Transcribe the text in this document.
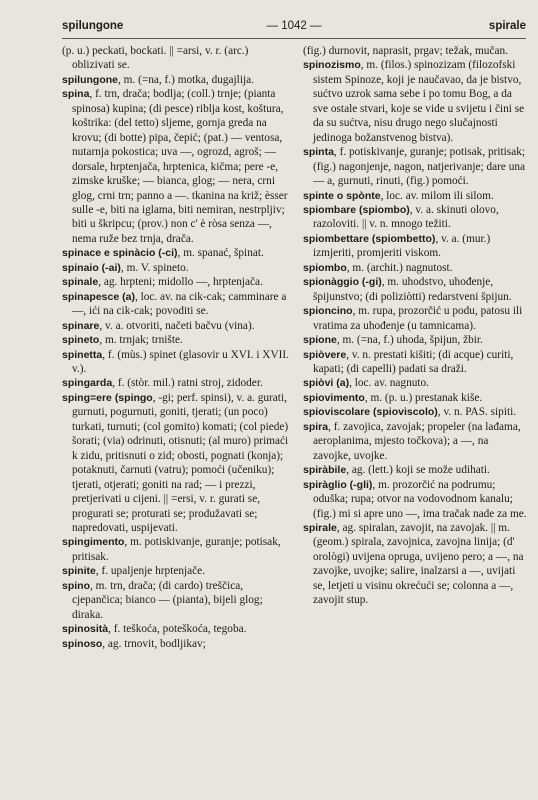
spilungone	— 1042 —	spirale

(p. u.) peckati, bockati. || =arsi, v. r. (arc.) oblizivati se.

spilungone, m. (=na, f.) motka, dugajlija.

spina, f. trn, drača; bodlja; (coll.) trnje; (pianta spinosa) kupina; (di pesce) riblja kost, koštura, koštrika: (del tetto) sljeme, gornja greda na krovu; (di botte) pipa, čepić; (pat.) — ventosa, nutarnja pokostica; uva —, ogrozd, agroš; — dorsale, hrptenjača, hrptenica, kičma; pere -e, zimske kruške; — bianca, glog; — nera, crni glog, crni trn; panno a —. tkanina na križ; èsser sulle -e, biti na iglama, biti nemiran, nestrpljiv; biti u škripcu; (prov.) non c' è ròsa senza —, nema ruže bez trnja, drača.

spinace e spinàcio (-ci), m. spanać, špinat.

spinaio (-ai), m. V. spineto.

spinale, ag. hrpteni; midollo —, hrptenjača.

spinapesce (a), loc. av. na cik-cak; camminare a —, ići na cik-cak; povoditi se.

spinare, v. a. otvoriti, načeti bačvu (vina).

spineto, m. trnjak; trnište.

spinetta, f. (mùs.) spinet (glasovir u XVI. i XVII. v.).

spingarda, f. (stòr. mil.) ratni stroj, zidoder.

sping=ere (spingo, -gi; perf. spinsi), v. a. gurati, gurnuti, pogurnuti, goniti, tjerati; (un poco) turkati, turnuti; (col gomito) komati; (col piede) šorati; (via) odrinuti, otisnuti; (al muro) primaći k zidu, pritisnuti o zid; obosti, pognati (konja); potaknuti, čarnuti (vatru); pomoći (učeniku); tjerati, otjerati; goniti na rad; — i prezzi, pretjerivati u cijeni. || =ersi, v. r. gurati se, progurati se; proturati se; produžavati se; napredovati, uspijevati.

spingimento, m. potiskivanje, guranje; potisak, pritisak.

spinite, f. upaljenje hrptenjače.

spino, m. trn, drača; (di cardo) treščica, cjepančica; bianco — (pianta), bijeli glog; diraka.

spinosità, f. teškoća, poteškoća, tegoba.

spinoso, ag. trnovit, bodljikav;

(fig.) durnovit, naprasit, prgav; težak, mučan.

spinozismo, m. (filos.) spinozizam (filozofski sistem Spinoze, koji je naučavao, da je bistvo, sućtvo uzrok sama sebe i po tomu Bog, a da sve ostale stvari, koje se vide u svijetu i čini se da su sućtva, nisu drugo nego slučajnosti jedinoga božanstvenog bistva).

spinta, f. potiskivanje, guranje; potisak, pritisak; (fig.) nagonjenje, nagon, natjerivanje; dare una — a, gurnuti, rinuti, (fig.) pomoći.

spinte o spònte, loc. av. milom ili silom.

spiombare (spiombo), v. a. skinuti olovo, razoloviti. || v. n. mnogo težiti.

spiombettare (spiombetto), v. a. (mur.) izmjeriti, promjeriti viskom.

spiombo, m. (archit.) nagnutost.

spionàggio (-gi), m. uhodstvo, uhođenje, špijunstvo; (di poliziòtti) redarstveni špijun.

spioncino, m. rupa, prozorčić u podu, patosu ili vratima za uhođenje (u tamnicama).

spione, m. (=na, f.) uhoda, špijun, žbir.

spiòvere, v. n. prestati kišiti; (di acque) curiti, kapati; (di capelli) padati sa draži.

spiòvi (a), loc. av. nagnuto.

spiovimento, m. (p. u.) prestanak kiše.

spioviscolare (spioviscolo), v. n. PAS. sipiti.

spira, f. zavojica, zavojak; propeler (na lađama, aeroplanima, mjesto točkova); a —, na zavojke, uvojke.

spiràbile, ag. (lett.) koji se može udihati.

spiràglio (-gli), m. prozorčić na podrumu; oduška; rupa; otvor na vodovodnom kanalu; (fig.) mi si apre uno —, ima tračak nade za me.

spirale, ag. spiralan, zavojit, na zavojak. || m. (geom.) spirala, zavojnica, zavojna linija; (d' orològi) uvijena opruga, uvijeno pero; a —, na zavojke, uvojke; salire, inalzarsi a —, uvijati se, letjeti u visinu okrećući se; colonna a —, zavojit stup.
